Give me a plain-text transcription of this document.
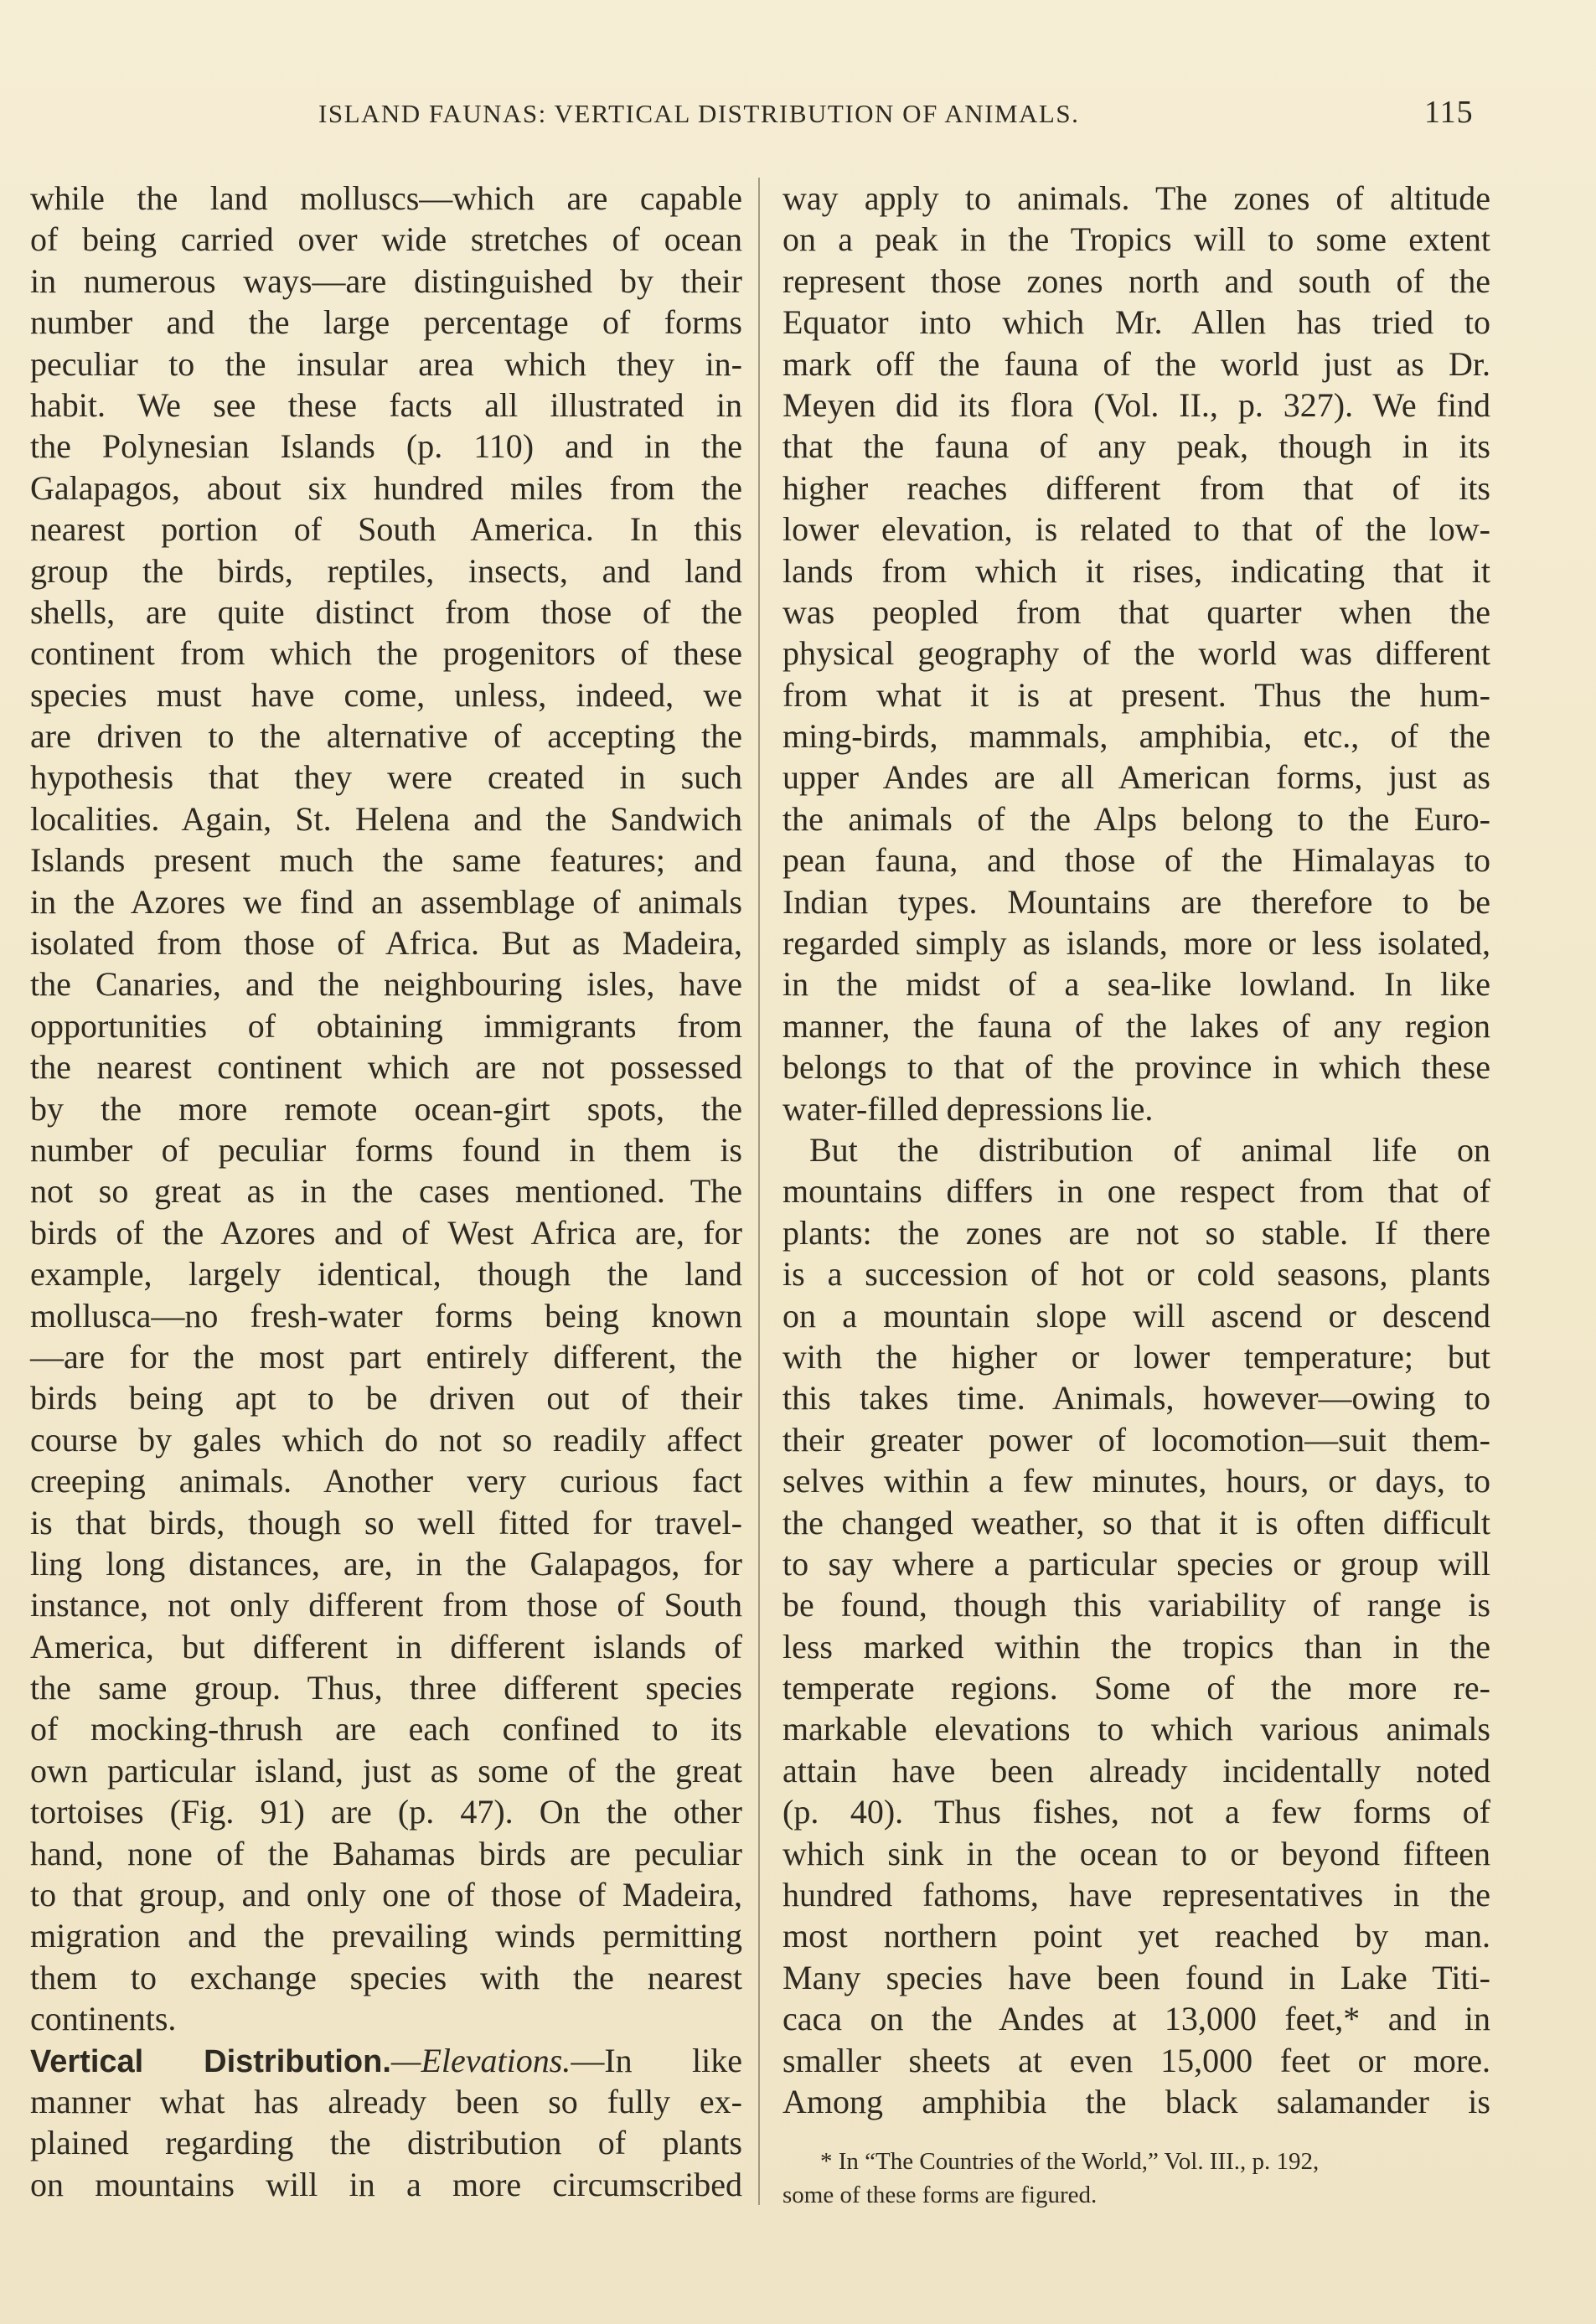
ISLAND FAUNAS: VERTICAL DISTRIBUTION OF ANIMALS.	115
while the land molluscs—which are capable
of being carried over wide stretches of ocean
in numerous ways—are distinguished by their
number and the large percentage of forms
peculiar to the insular area which they in-
habit. We see these facts all illustrated in
the Polynesian Islands (p. 110) and in the
Galapagos, about six hundred miles from the
nearest portion of South America. In this
group the birds, reptiles, insects, and land
shells, are quite distinct from those of the
continent from which the progenitors of these
species must have come, unless, indeed, we
are driven to the alternative of accepting the
hypothesis that they were created in such
localities. Again, St. Helena and the Sandwich
Islands present much the same features; and
in the Azores we find an assemblage of animals
isolated from those of Africa. But as Madeira,
the Canaries, and the neighbouring isles, have
opportunities of obtaining immigrants from
the nearest continent which are not possessed
by the more remote ocean-girt spots, the
number of peculiar forms found in them is
not so great as in the cases mentioned. The
birds of the Azores and of West Africa are, for
example, largely identical, though the land
mollusca—no fresh-water forms being known
—are for the most part entirely different, the
birds being apt to be driven out of their
course by gales which do not so readily affect
creeping animals. Another very curious fact
is that birds, though so well fitted for travel-
ling long distances, are, in the Galapagos, for
instance, not only different from those of South
America, but different in different islands of
the same group. Thus, three different species
of mocking-thrush are each confined to its
own particular island, just as some of the great
tortoises (Fig. 91) are (p. 47). On the other
hand, none of the Bahamas birds are peculiar
to that group, and only one of those of Madeira,
migration and the prevailing winds permitting
them to exchange species with the nearest
continents.
Vertical Distribution.—Elevations.—In like
manner what has already been so fully ex-
plained regarding the distribution of plants
on mountains will in a more circumscribed
way apply to animals. The zones of altitude
on a peak in the Tropics will to some extent
represent those zones north and south of the
Equator into which Mr. Allen has tried to
mark off the fauna of the world just as Dr.
Meyen did its flora (Vol. II., p. 327). We find
that the fauna of any peak, though in its
higher reaches different from that of its
lower elevation, is related to that of the low-
lands from which it rises, indicating that it
was peopled from that quarter when the
physical geography of the world was different
from what it is at present. Thus the hum-
ming-birds, mammals, amphibia, etc., of the
upper Andes are all American forms, just as
the animals of the Alps belong to the Euro-
pean fauna, and those of the Himalayas to
Indian types. Mountains are therefore to be
regarded simply as islands, more or less isolated,
in the midst of a sea-like lowland. In like
manner, the fauna of the lakes of any region
belongs to that of the province in which these
water-filled depressions lie.
But the distribution of animal life on
mountains differs in one respect from that of
plants: the zones are not so stable. If there
is a succession of hot or cold seasons, plants
on a mountain slope will ascend or descend
with the higher or lower temperature; but
this takes time. Animals, however—owing to
their greater power of locomotion—suit them-
selves within a few minutes, hours, or days, to
the changed weather, so that it is often difficult
to say where a particular species or group will
be found, though this variability of range is
less marked within the tropics than in the
temperate regions. Some of the more re-
markable elevations to which various animals
attain have been already incidentally noted
(p. 40). Thus fishes, not a few forms of
which sink in the ocean to or beyond fifteen
hundred fathoms, have representatives in the
most northern point yet reached by man.
Many species have been found in Lake Titi-
caca on the Andes at 13,000 feet,* and in
smaller sheets at even 15,000 feet or more.
Among amphibia the black salamander is
* In “The Countries of the World,” Vol. III., p. 192,
some of these forms are figured.
